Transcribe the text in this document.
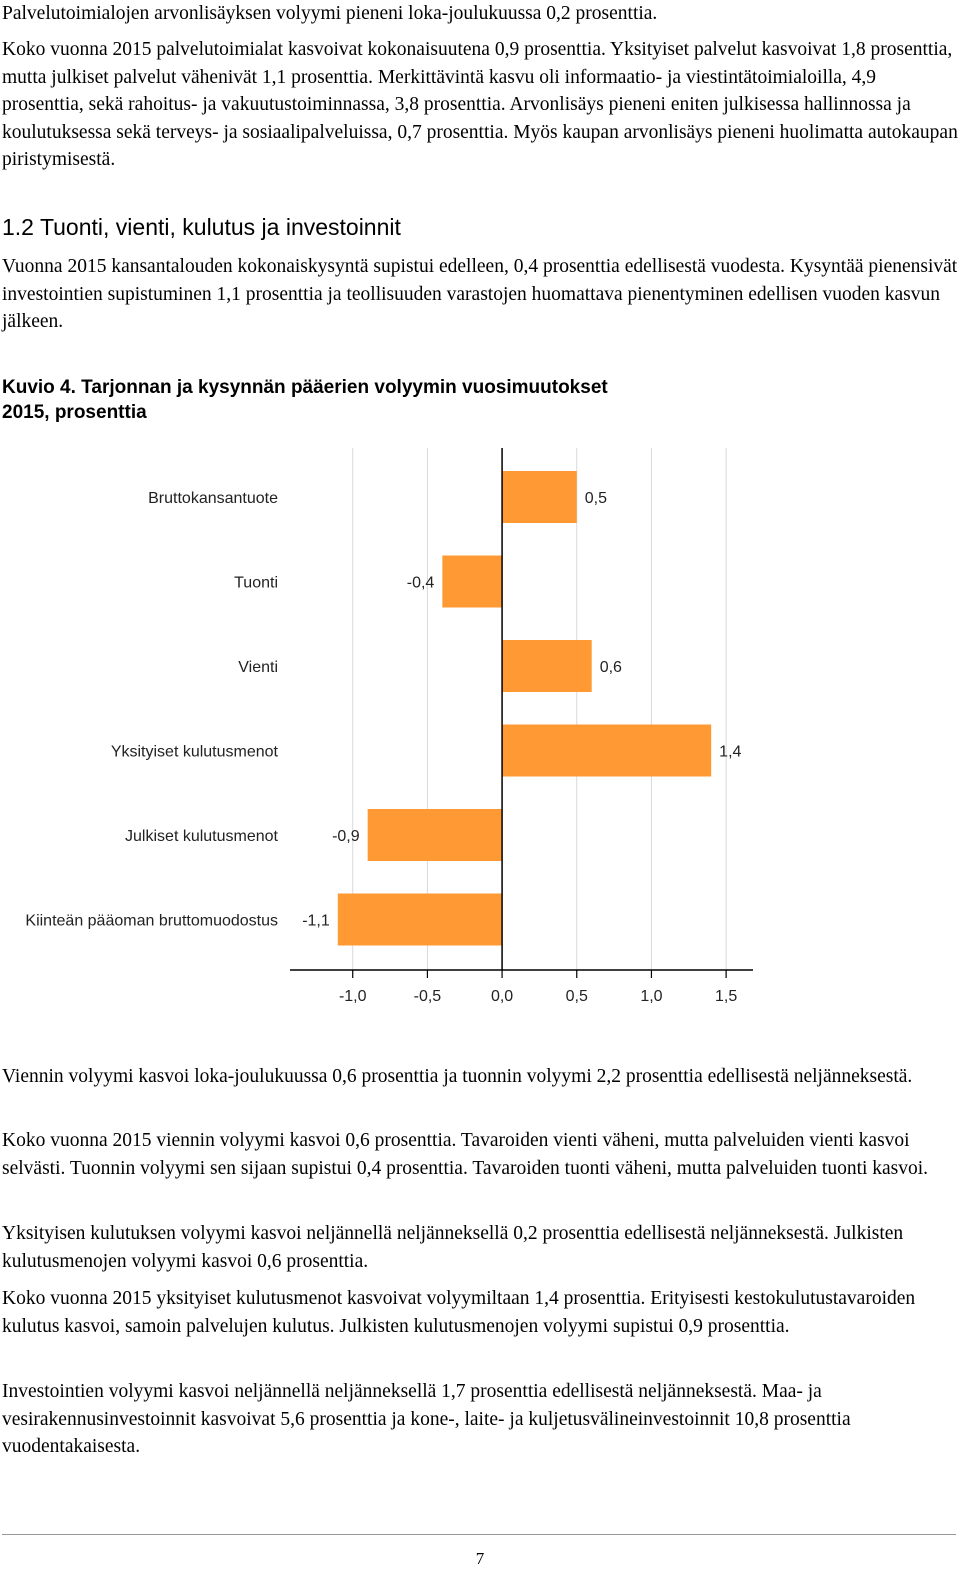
Palvelutoimialojen arvonlisäyksen volyymi pieneni loka-joulukuussa 0,2 prosenttia.

Koko vuonna 2015 palvelutoimialat kasvoivat kokonaisuutena 0,9 prosenttia. Yksityiset palvelut kasvoivat 1,8 prosenttia, mutta julkiset palvelut vähenivät 1,1 prosenttia. Merkittävintä kasvu oli informaatio- ja viestintätoimialoilla, 4,9 prosenttia, sekä rahoitus- ja vakuutustoiminnassa, 3,8 prosenttia. Arvonlisäys pieneni eniten julkisessa hallinnossa ja koulutuksessa sekä terveys- ja sosiaalipalveluissa, 0,7 prosenttia. Myös kaupan arvonlisäys pieneni huolimatta autokaupan piristymisestä.

1.2 Tuonti, vienti, kulutus ja investoinnit

Vuonna 2015 kansantalouden kokonaiskysyntä supistui edelleen, 0,4 prosenttia edellisestä vuodesta. Kysyntää pienensivät investointien supistuminen 1,1 prosenttia ja teollisuuden varastojen huomattava pienentyminen edellisen vuoden kasvun jälkeen.

Kuvio 4. Tarjonnan ja kysynnän pääerien volyymin vuosimuutokset
2015, prosenttia
Bruttokansantuote	0,5
Tuonti	-0,4
Vienti	0,6
Yksityiset kulutusmenot	1,4
Julkiset kulutusmenot	-0,9
Kiinteän pääoman bruttomuodostus -1,1
-1,0	-0,5	0,0	0,5	1,0	1,5

Viennin volyymi kasvoi loka-joulukuussa 0,6 prosenttia ja tuonnin volyymi 2,2 prosenttia edellisestä neljänneksestä.

Koko vuonna 2015 viennin volyymi kasvoi 0,6 prosenttia. Tavaroiden vienti väheni, mutta palveluiden vienti kasvoi selvästi. Tuonnin volyymi sen sijaan supistui 0,4 prosenttia. Tavaroiden tuonti väheni, mutta palveluiden tuonti kasvoi.

Yksityisen kulutuksen volyymi kasvoi neljännellä neljänneksellä 0,2 prosenttia edellisestä neljänneksestä. Julkisten kulutusmenojen volyymi kasvoi 0,6 prosenttia.

Koko vuonna 2015 yksityiset kulutusmenot kasvoivat volyymiltaan 1,4 prosenttia. Erityisesti kestokulutustavaroiden kulutus kasvoi, samoin palvelujen kulutus. Julkisten kulutusmenojen volyymi supistui 0,9 prosenttia.

Investointien volyymi kasvoi neljännellä neljänneksellä 1,7 prosenttia edellisestä neljänneksestä. Maa- ja vesirakennusinvestoinnit kasvoivat 5,6 prosenttia ja kone-, laite- ja kuljetusvälineinvestoinnit 10,8 prosenttia vuodentakaisesta.

7
